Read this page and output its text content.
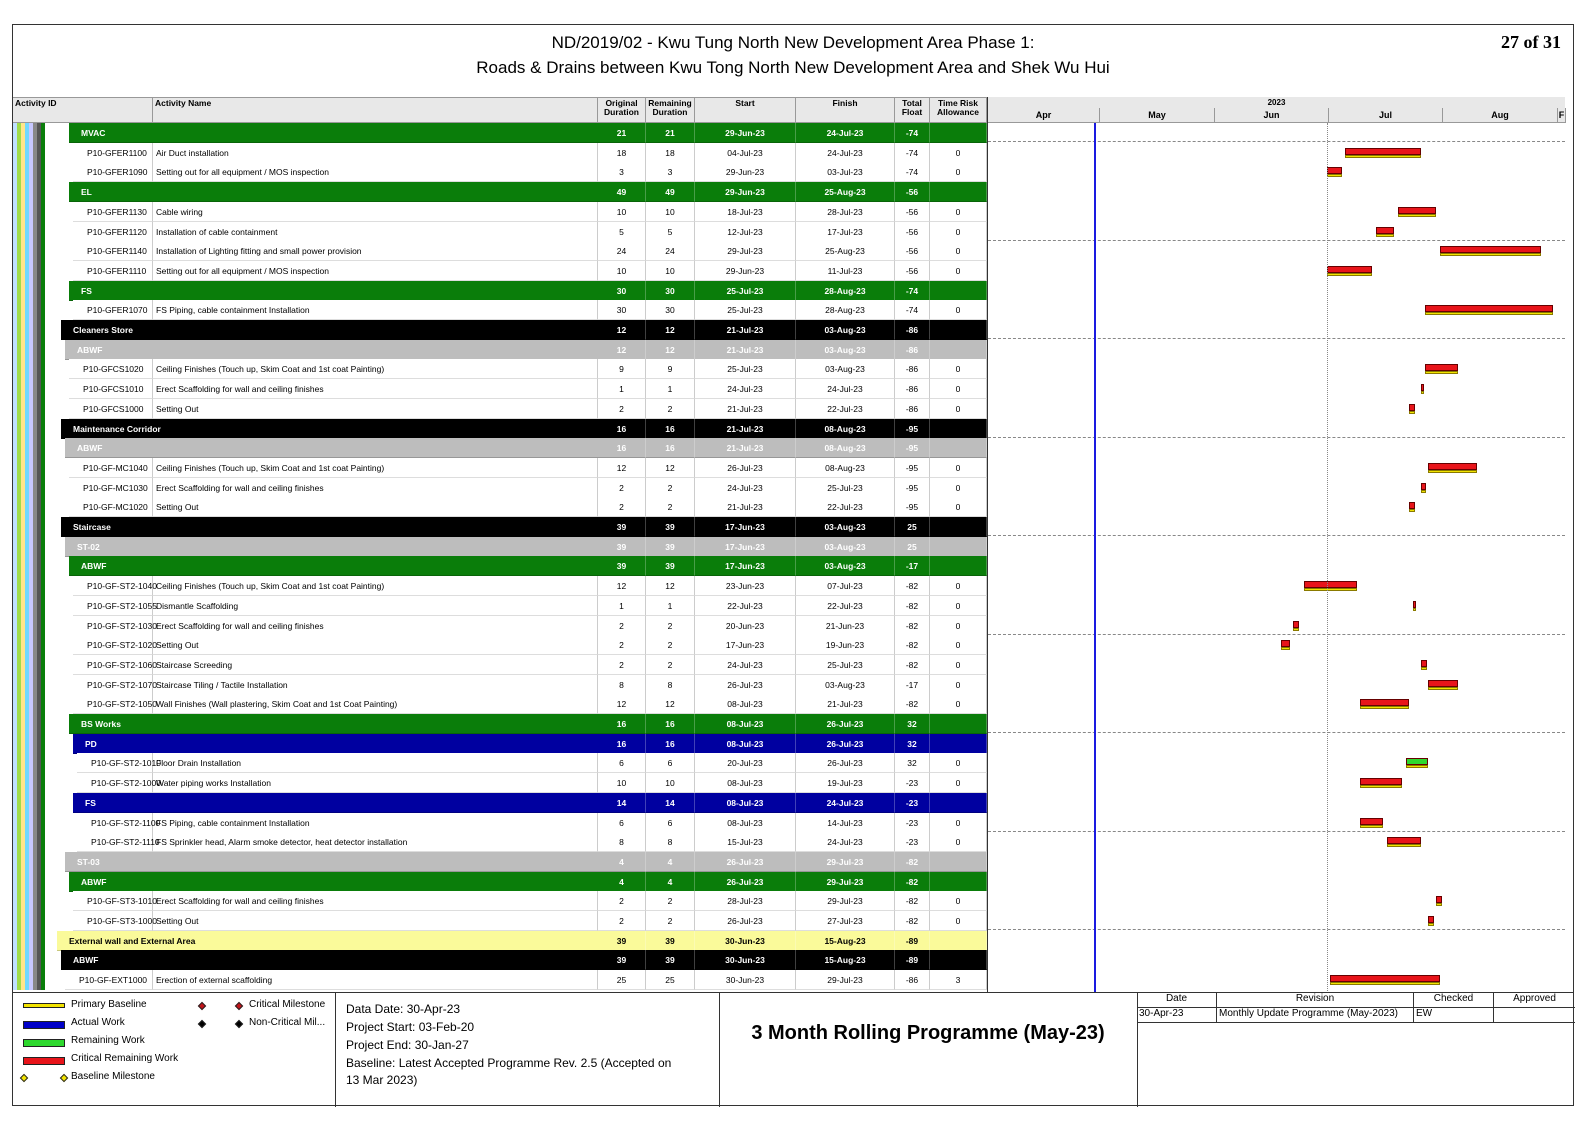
ND/2019/02 - Kwu Tung North New Development Area Phase 1:
Roads & Drains between Kwu Tong North New Development Area and Shek Wu Hui
27 of 31
Activity ID	Activity Name	Original
Duration
Remaining
Duration
Start	Finish	Total
Float
Time Risk
Allowance
MVAC	21	21	29-Jun-23	24-Jul-23	-74
P10-GFER1100	Air Duct installation	18	18	04-Jul-23	24-Jul-23	-74	0
P10-GFER1090	Setting out for all equipment / MOS inspection	3	3	29-Jun-23	03-Jul-23	-74	0
EL	49	49	29-Jun-23	25-Aug-23	-56
P10-GFER1130	Cable wiring	10	10	18-Jul-23	28-Jul-23	-56	0
P10-GFER1120	Installation of cable containment	5	5	12-Jul-23	17-Jul-23	-56	0
P10-GFER1140	Installation of Lighting fitting and small power provision	24	24	29-Jul-23	25-Aug-23	-56	0
P10-GFER1110	Setting out for all equipment / MOS inspection	10	10	29-Jun-23	11-Jul-23	-56	0
FS	30	30	25-Jul-23	28-Aug-23	-74
P10-GFER1070	FS Piping, cable containment Installation	30	30	25-Jul-23	28-Aug-23	-74	0
Cleaners Store	12	12	21-Jul-23	03-Aug-23	-86
ABWF	12	12	21-Jul-23	03-Aug-23	-86
P10-GFCS1020	Ceiling Finishes (Touch up, Skim Coat and 1st coat Painting)	9	9	25-Jul-23	03-Aug-23	-86	0
P10-GFCS1010	Erect Scaffolding for wall and ceiling finishes	1	1	24-Jul-23	24-Jul-23	-86	0
P10-GFCS1000	Setting Out	2	2	21-Jul-23	22-Jul-23	-86	0
Maintenance Corridor	16	16	21-Jul-23	08-Aug-23	-95
ABWF	16	16	21-Jul-23	08-Aug-23	-95
P10-GF-MC1040 Ceiling Finishes (Touch up, Skim Coat and 1st coat Painting)	12	12	26-Jul-23	08-Aug-23	-95	0
P10-GF-MC1030 Erect Scaffolding for wall and ceiling finishes	2	2	24-Jul-23	25-Jul-23	-95	0
P10-GF-MC1020 Setting Out	2	2	21-Jul-23	22-Jul-23	-95	0
Staircase	39	39	17-Jun-23	03-Aug-23	25
ST-02	39	39	17-Jun-23	03-Aug-23	25
ABWF	39	39	17-Jun-23	03-Aug-23	-17
P10-GF-ST2-1040 Ceiling Finishes (Touch up, Skim Coat and 1st coat Painting)	12	12	23-Jun-23	07-Jul-23	-82	0
P10-GF-ST2-1055 Dismantle Scaffolding	1	1	22-Jul-23	22-Jul-23	-82	0
P10-GF-ST2-1030 Erect Scaffolding for wall and ceiling finishes	2	2	20-Jun-23	21-Jun-23	-82	0
P10-GF-ST2-1020 Setting Out	2	2	17-Jun-23	19-Jun-23	-82	0
P10-GF-ST2-1060 Staircase Screeding	2	2	24-Jul-23	25-Jul-23	-82	0
P10-GF-ST2-1070 Staircase Tiling / Tactile Installation	8	8	26-Jul-23	03-Aug-23	-17	0
P10-GF-ST2-1050 Wall Finishes (Wall plastering, Skim Coat and 1st Coat Painting)	12	12	08-Jul-23	21-Jul-23	-82	0
BS Works	16	16	08-Jul-23	26-Jul-23	32
PD	16	16	08-Jul-23	26-Jul-23	32
P10-GF-ST2-1010
Floor Drain Installation	6	6	20-Jul-23	26-Jul-23	32	0
P10-GF-ST2-1000
Water piping works Installation	10	10	08-Jul-23	19-Jul-23	-23	0
FS	14	14	08-Jul-23	24-Jul-23	-23
P10-GF-ST2-1100
FS Piping, cable containment Installation	6	6	08-Jul-23	14-Jul-23	-23	0
P10-GF-ST2-1110
FS Sprinkler head, Alarm smoke detector, heat detector installation	8	8	15-Jul-23	24-Jul-23	-23	0
ST-03	4	4	26-Jul-23	29-Jul-23	-82
ABWF	4	4	26-Jul-23	29-Jul-23	-82
P10-GF-ST3-1010 Erect Scaffolding for wall and ceiling finishes	2	2	28-Jul-23	29-Jul-23	-82	0
P10-GF-ST3-1000 Setting Out	2	2	26-Jul-23	27-Jul-23	-82	0
External wall and External Area	39	39	30-Jun-23	15-Aug-23	-89
ABWF	39	39	30-Jun-23	15-Aug-23	-89
P10-GF-EXT1000	Erection of external scaffolding	25	25	30-Jun-23	29-Jul-23	-86	3
2023
Apr	May	Jun	Jul	Aug	F
Primary Baseline
Actual Work
Remaining Work
Critical Remaining Work
Baseline Milestone
Critical Milestone
Non-Critical Mil...
Data Date: 30-Apr-23
Project Start: 03-Feb-20
Project End: 30-Jan-27
Baseline: Latest Accepted Programme Rev. 2.5 (Accepted on
13 Mar 2023)
3 Month Rolling Programme (May-23)
Date	Revision	Checked	Approved
30-Apr-23	Monthly Update Programme (May-2023)	EW
